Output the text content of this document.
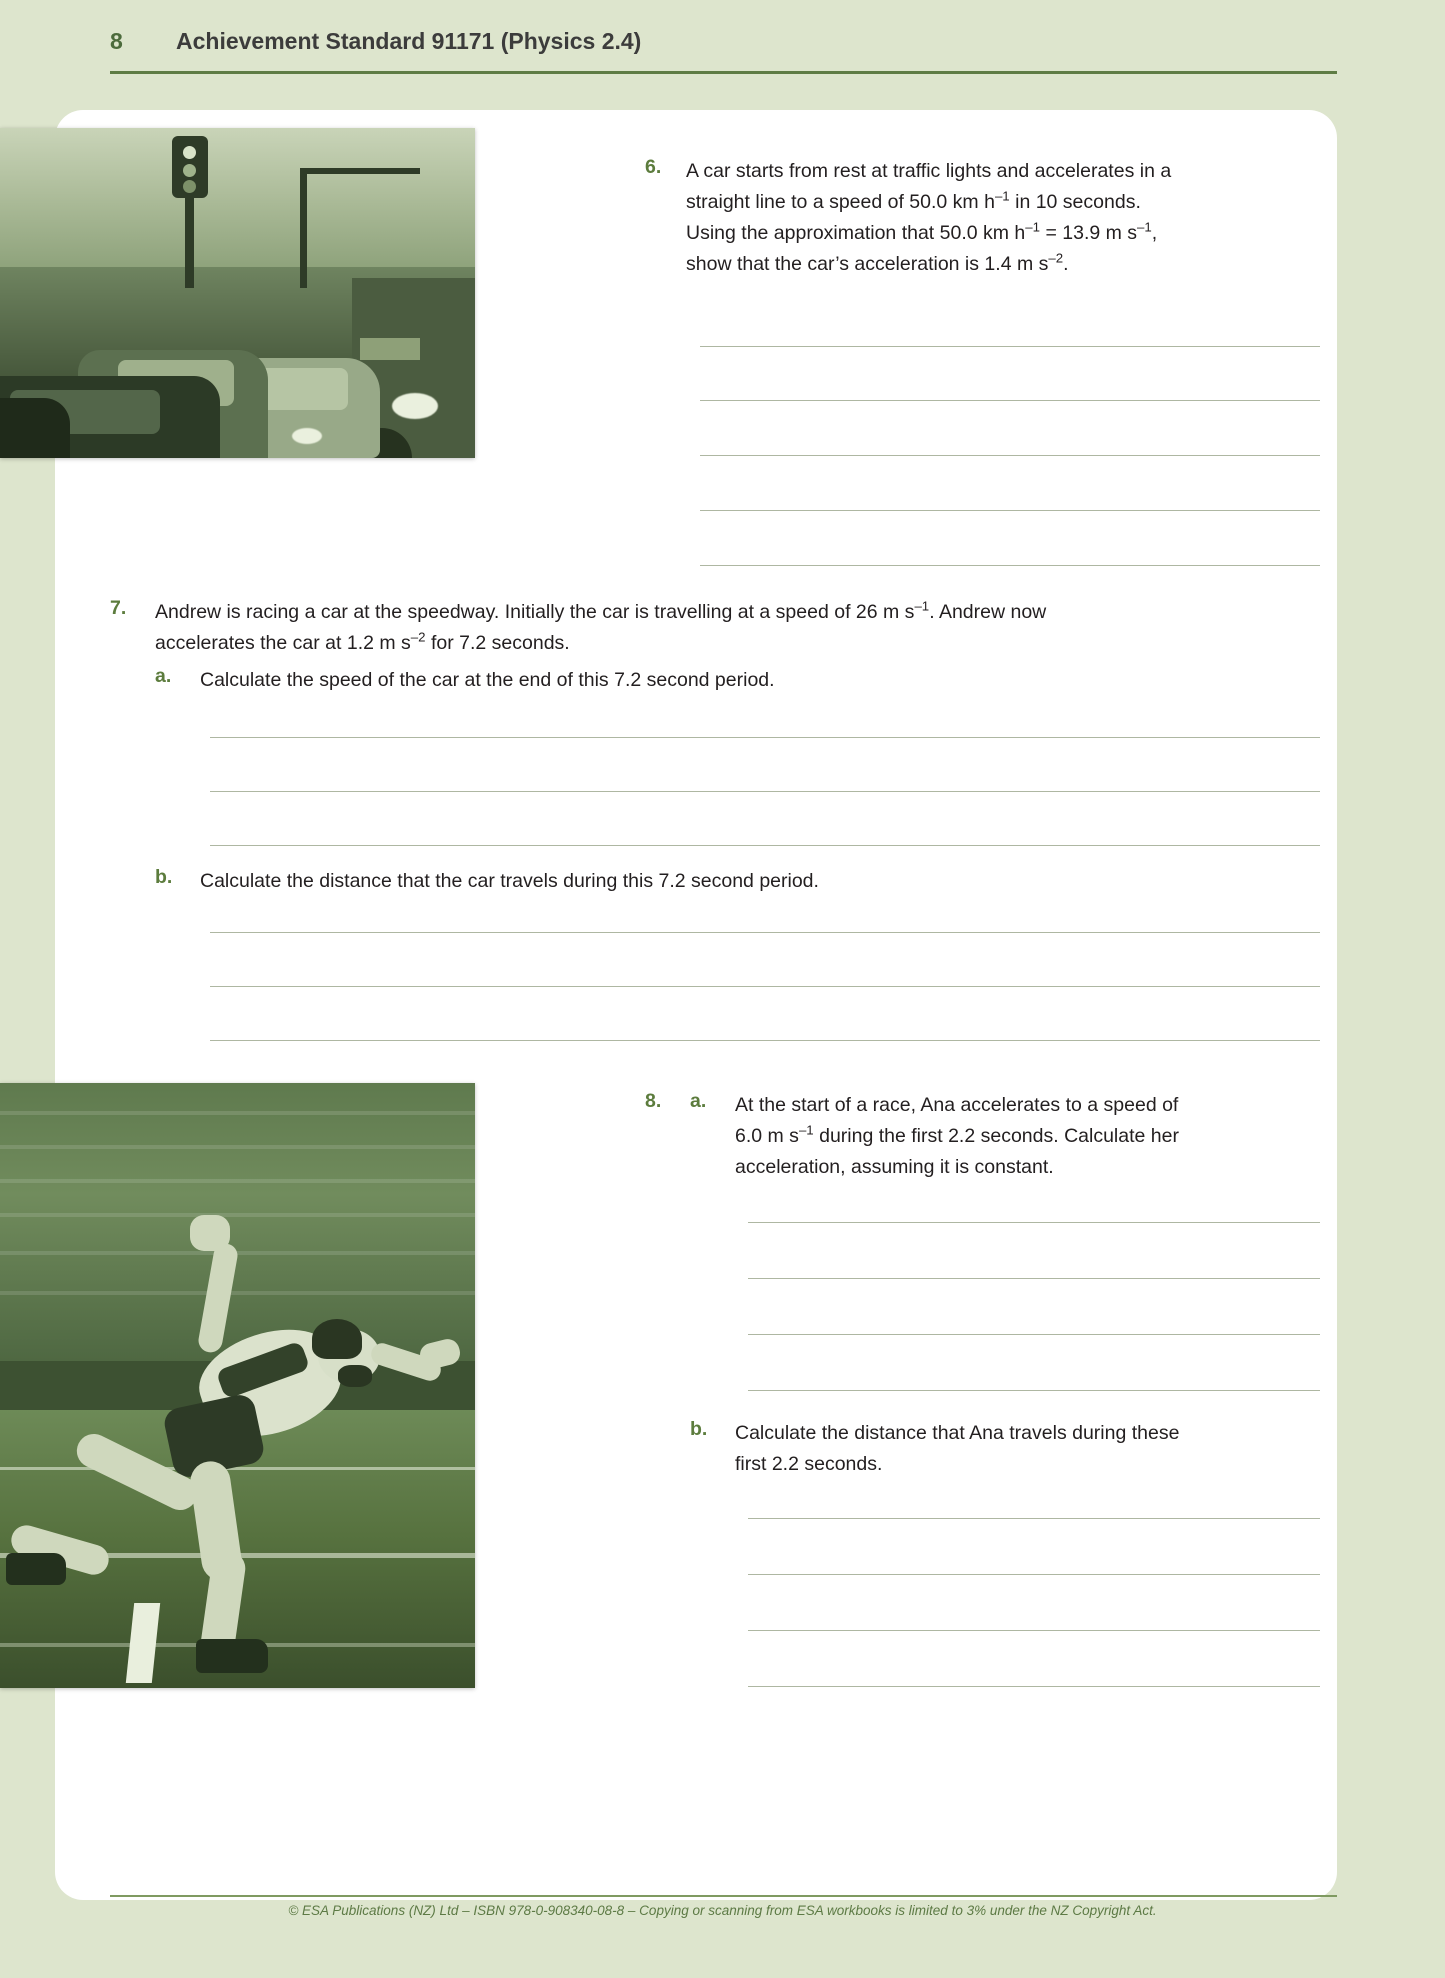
8 Achievement Standard 91171 (Physics 2.4)
6. A car starts from rest at traffic lights and accelerates in a
straight line to a speed of 50.0 km $h^{-1}$ in 10 seconds.
Using the approximation that 50.0 km $h^{-1} = 13.9$ m $s^{-1}$,
show that the car’s acceleration is 1.4 m $s^{-2}$.
7. Andrew is racing a car at the speedway. Initially the car is travelling at a speed of 26 m $s^{-1}$. Andrew now
accelerates the car at 1.2 m $s^{-2}$ for 7.2 seconds.
a. Calculate the speed of the car at the end of this 7.2 second period.
b. Calculate the distance that the car travels during this 7.2 second period.
8. a. At the start of a race, Ana accelerates to a speed of
6.0 m $s^{-1}$ during the first 2.2 seconds. Calculate her
acceleration, assuming it is constant.
b. Calculate the distance that Ana travels during these
first 2.2 seconds.
© ESA Publications (NZ) Ltd – ISBN 978-0-908340-08-8 – Copying or scanning from ESA workbooks is limited to 3% under the NZ Copyright Act.
